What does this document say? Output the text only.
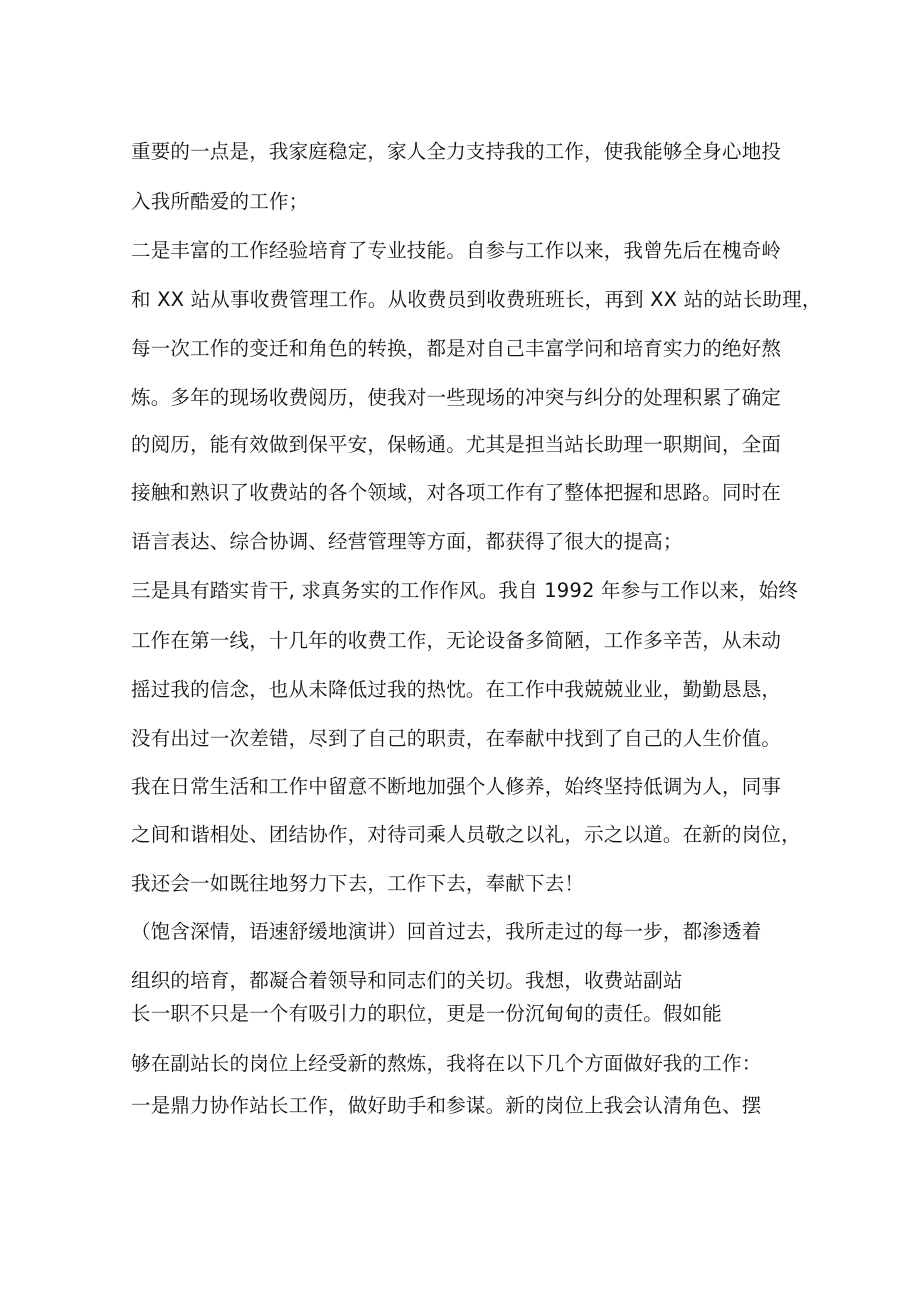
重要的一点是，我家庭稳定，家人全力支持我的工作，使我能够全身心地投
入我所酷爱的工作；
二是丰富的工作经验培育了专业技能。自参与工作以来，我曾先后在槐奇岭
和 XX 站从事收费管理工作。从收费员到收费班班长，再到 XX 站的站长助理，
每一次工作的变迁和角色的转换，都是对自己丰富学问和培育实力的绝好熬
炼。多年的现场收费阅历，使我对一些现场的冲突与纠分的处理积累了确定
的阅历，能有效做到保平安，保畅通。尤其是担当站长助理一职期间，全面
接触和熟识了收费站的各个领域，对各项工作有了整体把握和思路。同时在
语言表达、综合协调、经营管理等方面，都获得了很大的提高；
三是具有踏实肯干, 求真务实的工作作风。我自 1992 年参与工作以来，始终
工作在第一线，十几年的收费工作，无论设备多简陋，工作多辛苦，从未动
摇过我的信念，也从未降低过我的热忱。在工作中我兢兢业业，勤勤恳恳，
没有出过一次差错，尽到了自己的职责，在奉献中找到了自己的人生价值。
我在日常生活和工作中留意不断地加强个人修养，始终坚持低调为人，同事
之间和谐相处、团结协作，对待司乘人员敬之以礼，示之以道。在新的岗位，
我还会一如既往地努力下去，工作下去，奉献下去！
（饱含深情，语速舒缓地演讲）回首过去，我所走过的每一步，都渗透着
组织的培育，都凝合着领导和同志们的关切。我想，收费站副站
长一职不只是一个有吸引力的职位，更是一份沉甸甸的责任。假如能
够在副站长的岗位上经受新的熬炼，我将在以下几个方面做好我的工作：
一是鼎力协作站长工作，做好助手和参谋。新的岗位上我会认清角色、摆
